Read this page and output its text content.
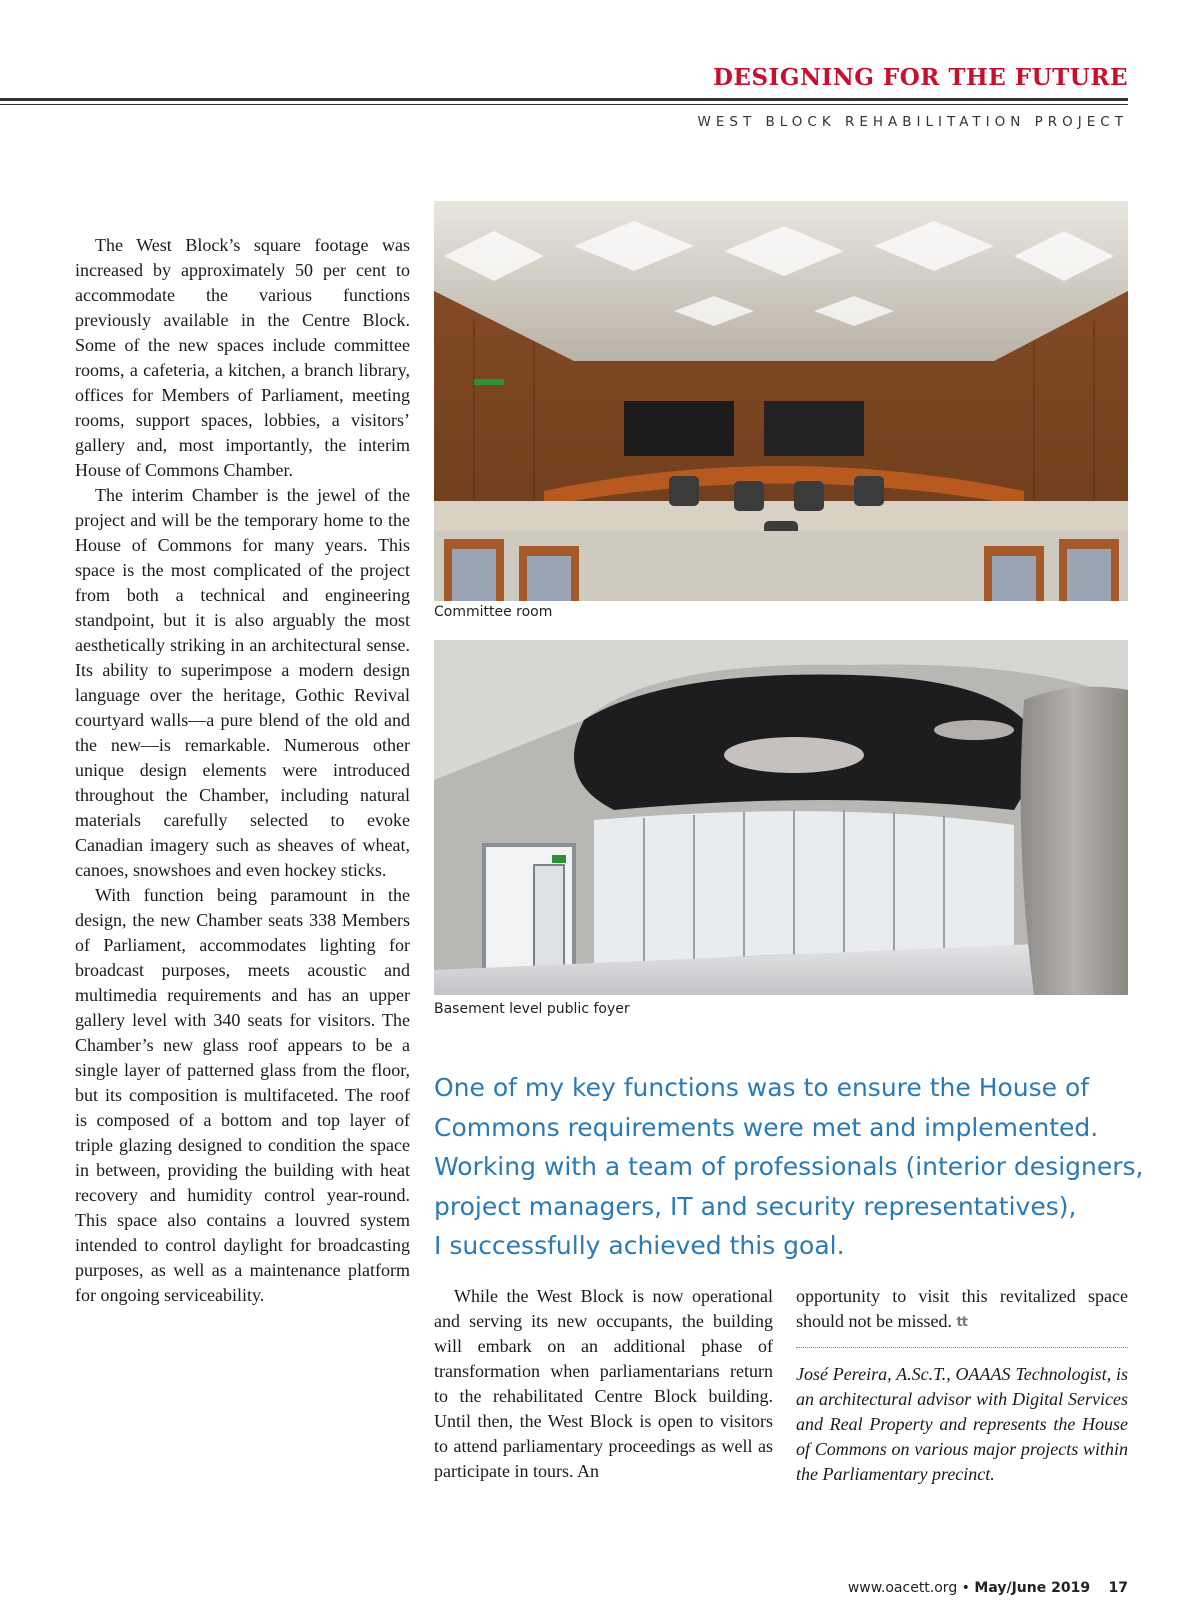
DESIGNING FOR THE FUTURE
WEST BLOCK REHABILITATION PROJECT

The West Block’s square footage was increased by approximately 50 per cent to accommodate the various functions previously available in the Centre Block. Some of the new spaces include committee rooms, a cafeteria, a kitchen, a branch library, offices for Members of Parliament, meeting rooms, support spaces, lobbies, a visitors’ gallery and, most importantly, the interim House of Commons Chamber.

The interim Chamber is the jewel of the project and will be the temporary home to the House of Commons for many years. This space is the most complicated of the project from both a technical and engineering standpoint, but it is also arguably the most aesthetically striking in an architectural sense. Its ability to superimpose a modern design language over the heritage, Gothic Revival courtyard walls—a pure blend of the old and the new—is remarkable. Numerous other unique design elements were introduced throughout the Chamber, including natural materials carefully selected to evoke Canadian imagery such as sheaves of wheat, canoes, snowshoes and even hockey sticks.

With function being paramount in the design, the new Chamber seats 338 Members of Parliament, accommodates lighting for broadcast purposes, meets acoustic and multimedia requirements and has an upper gallery level with 340 seats for visitors. The Chamber’s new glass roof appears to be a single layer of patterned glass from the floor, but its composition is multifaceted. The roof is composed of a bottom and top layer of triple glazing designed to condition the space in between, providing the building with heat recovery and humidity control year-round. This space also contains a louvred system intended to control daylight for broadcasting purposes, as well as a maintenance platform for ongoing serviceability.

Committee room
Basement level public foyer
One of my key functions was to ensure the House of
Commons requirements were met and implemented.
Working with a team of professionals (interior designers,
project managers, IT and security representatives),
I successfully achieved this goal.

While the West Block is now operational and serving its new occupants, the building will embark on an additional phase of transformation when parliamentarians return to the rehabilitated Centre Block building. Until then, the West Block is open to visitors to attend parliamentary proceedings as well as participate in tours. An

opportunity to visit this revitalized space should not be missed. tt

José Pereira, A.Sc.T., OAAAS Technologist, is an architectural advisor with Digital Services and Real Property and represents the House of Commons on various major projects within the Parliamentary precinct.

www.oacett.org • May/June 2019 17
